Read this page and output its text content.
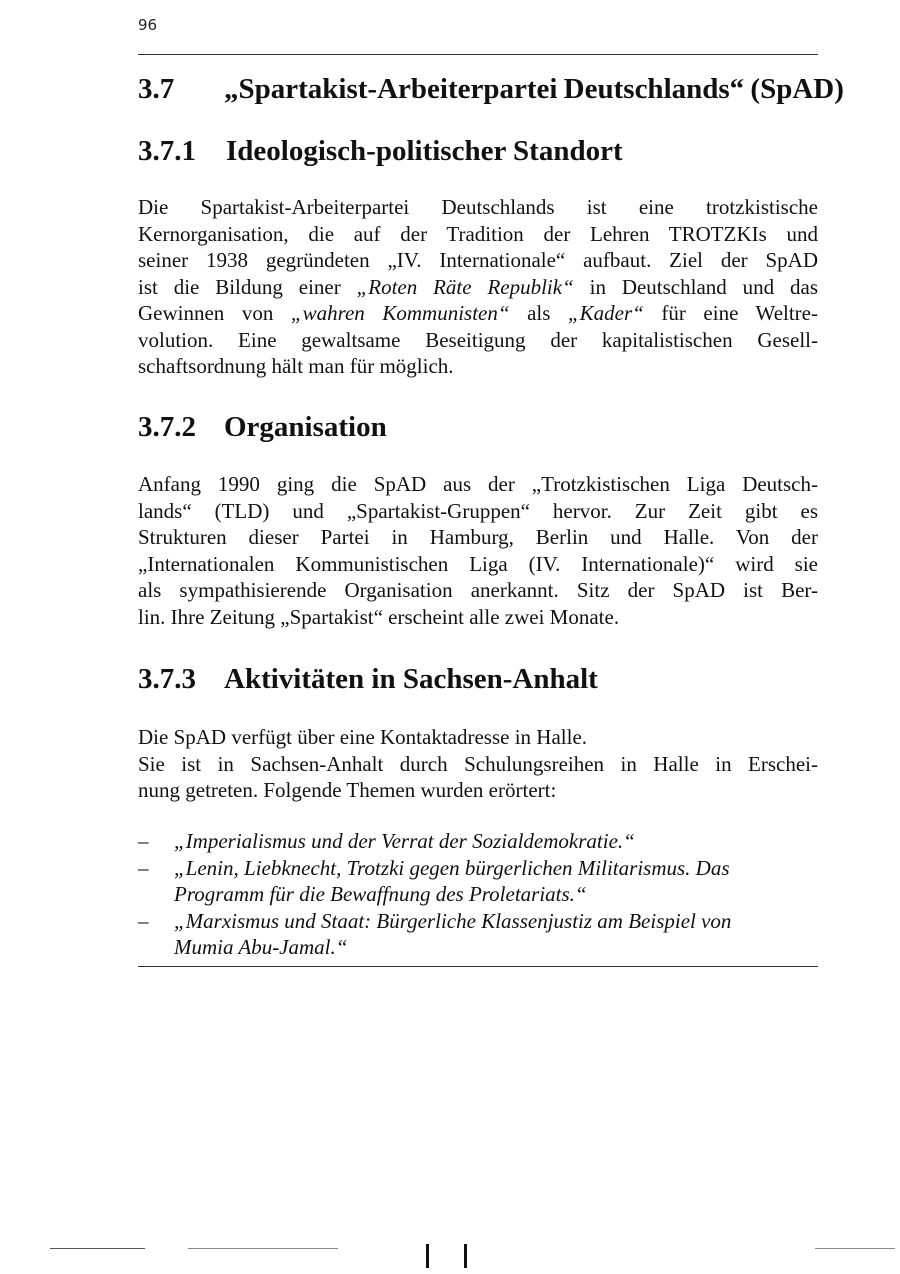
96
3.7 „Spartakist-Arbeiterpartei Deutschlands“ (SpAD)
3.7.1 Ideologisch-politischer Standort

Die Spartakist-Arbeiterpartei Deutschlands ist eine trotzkistische
Kernorganisation, die auf der Tradition der Lehren TROTZKIs und
seiner 1938 gegründeten „IV. Internationale“ aufbaut. Ziel der SpAD
ist die Bildung einer „Roten Räte Republik“ in Deutschland und das
Gewinnen von „wahren Kommunisten“ als „Kader“ für eine Weltre-
volution. Eine gewaltsame Beseitigung der kapitalistischen Gesell-
schaftsordnung hält man für möglich.

3.7.2 Organisation

Anfang 1990 ging die SpAD aus der „Trotzkistischen Liga Deutsch-
lands“ (TLD) und „Spartakist-Gruppen“ hervor. Zur Zeit gibt es
Strukturen dieser Partei in Hamburg, Berlin und Halle. Von der
„Internationalen Kommunistischen Liga (IV. Internationale)“ wird sie
als sympathisierende Organisation anerkannt. Sitz der SpAD ist Ber-
lin. Ihre Zeitung „Spartakist“ erscheint alle zwei Monate.

3.7.3 Aktivitäten in Sachsen-Anhalt

Die SpAD verfügt über eine Kontaktadresse in Halle.
Sie ist in Sachsen-Anhalt durch Schulungsreihen in Halle in Erschei-
nung getreten. Folgende Themen wurden erörtert:

– „Imperialismus und der Verrat der Sozialdemokratie.“
– „Lenin, Liebknecht, Trotzki gegen bürgerlichen Militarismus. Das
Programm für die Bewaffnung des Proletariats.“
– „Marxismus und Staat: Bürgerliche Klassenjustiz am Beispiel von
Mumia Abu-Jamal.“
